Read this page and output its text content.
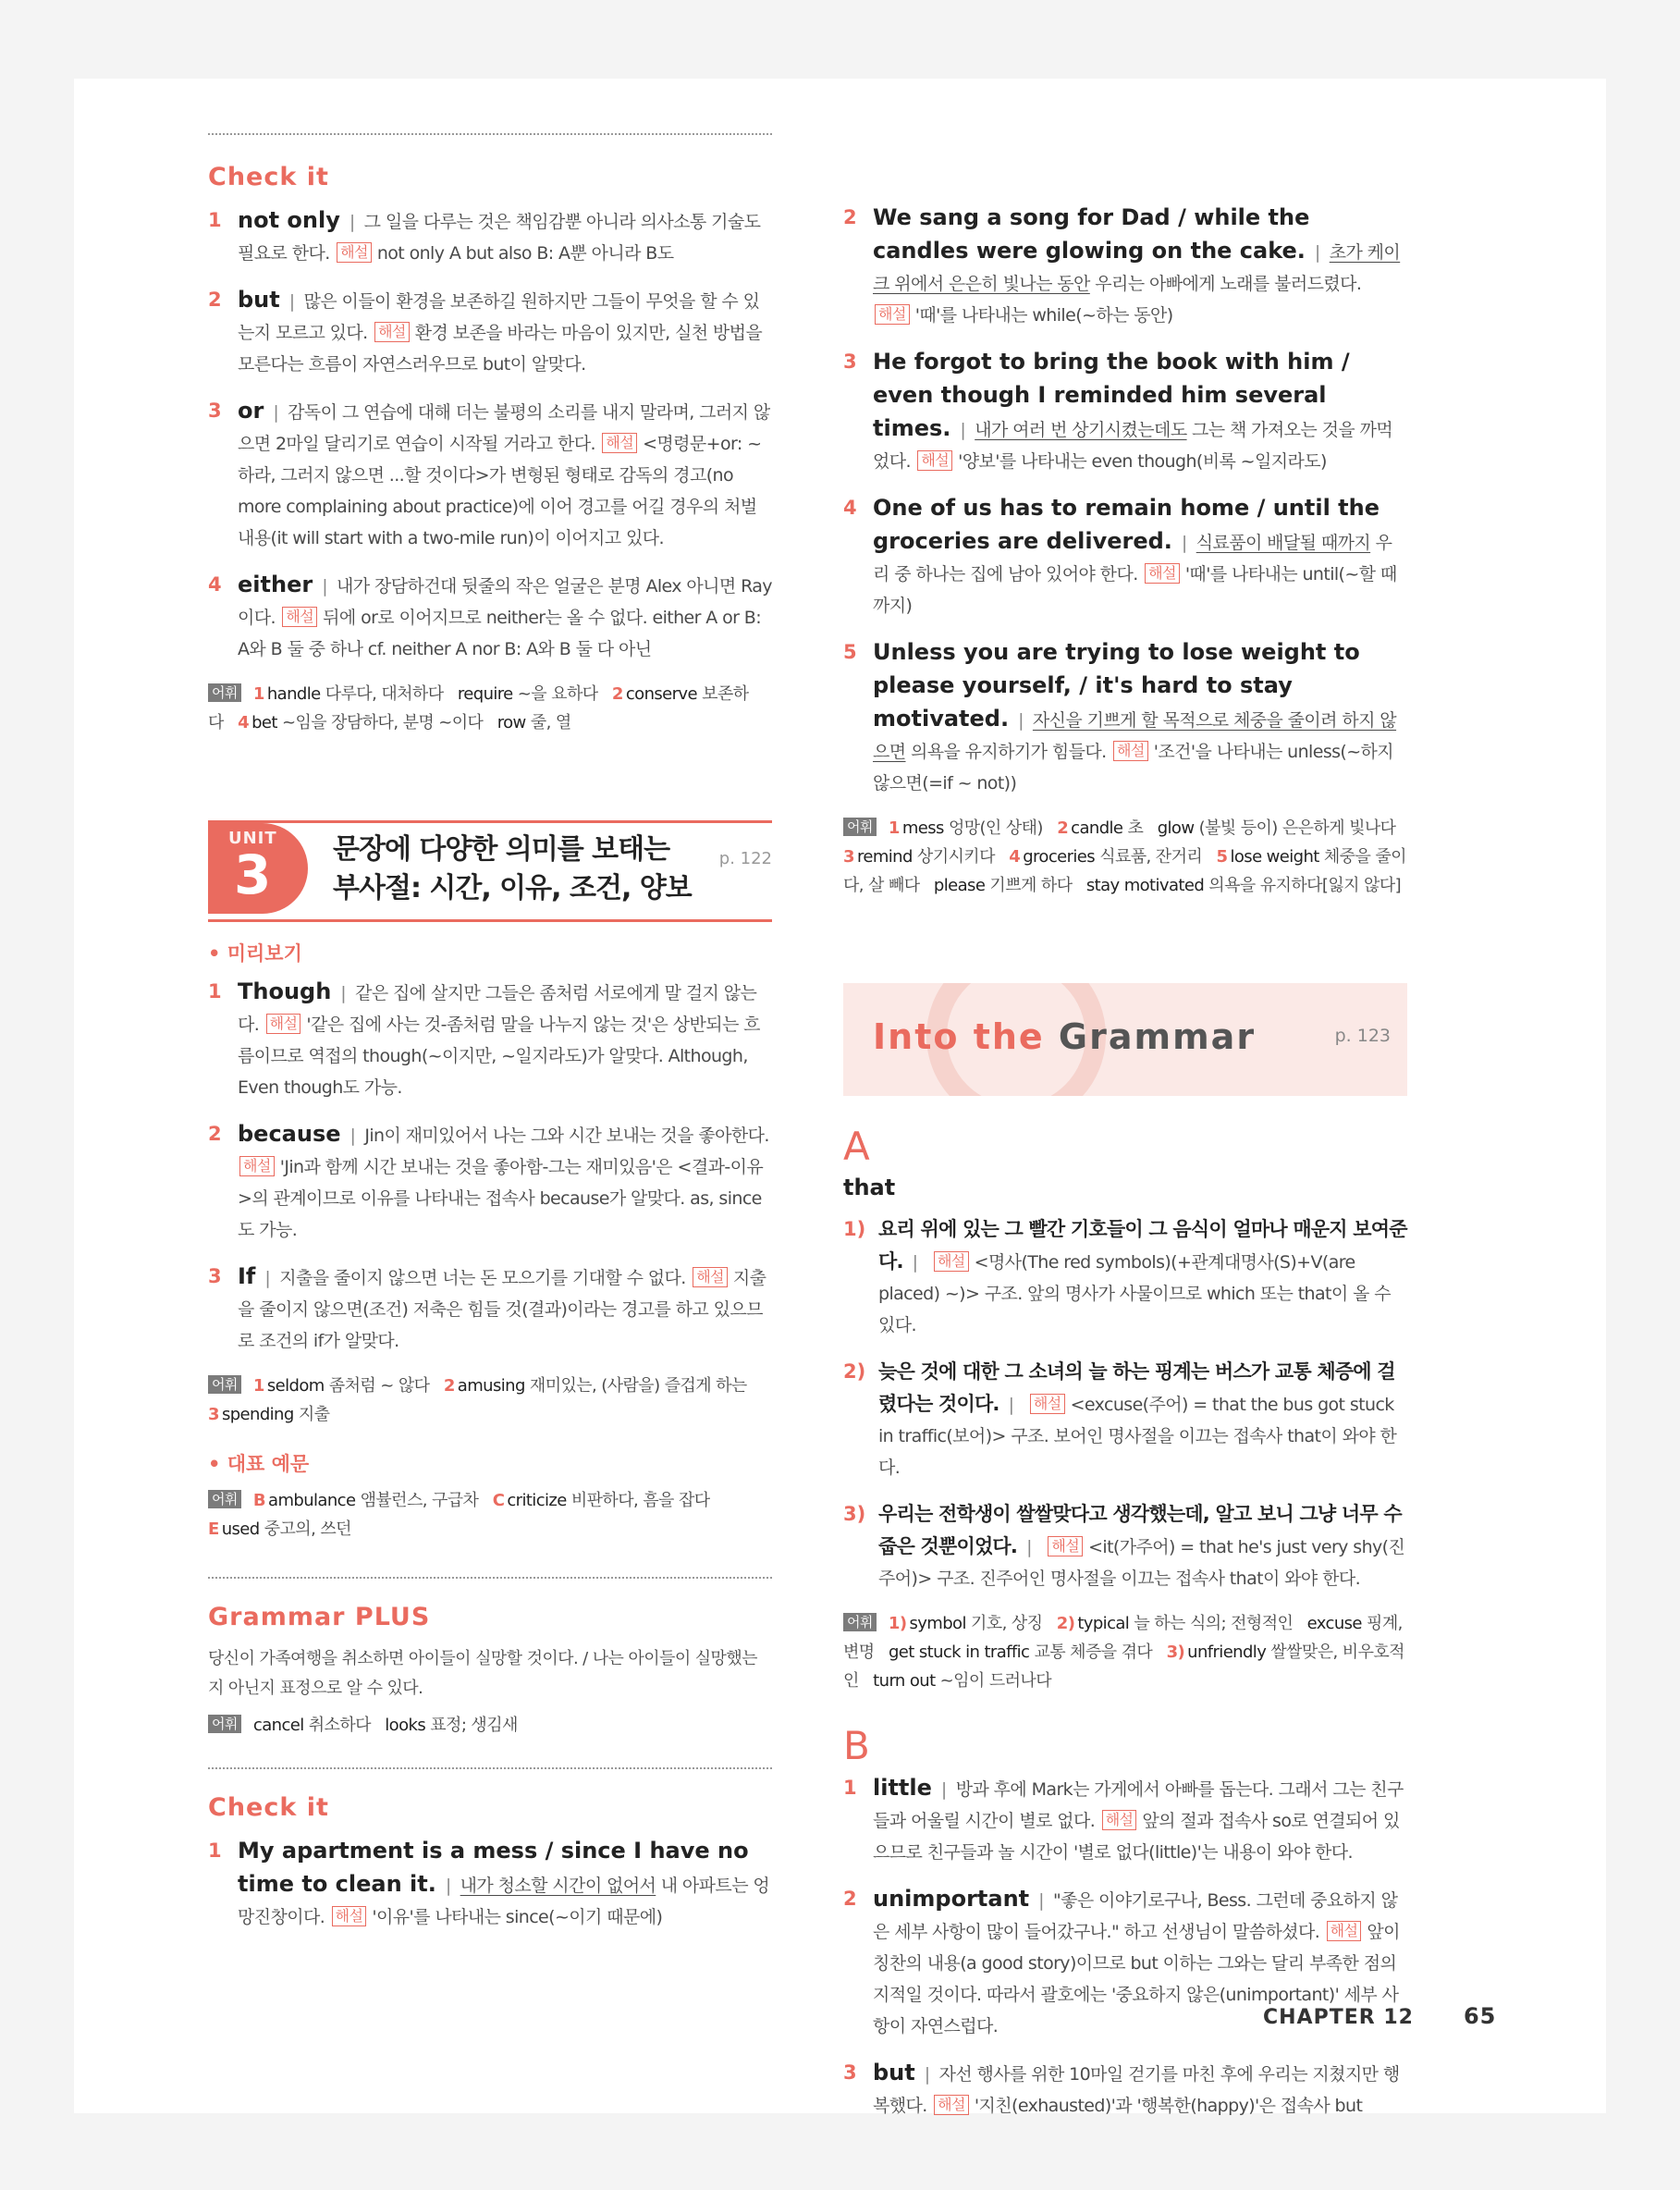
Check it
1 not only | 그 일을 다루는 것은 책임감뿐 아니라 의사소통 기술도 필요로 한다. 해설 not only A but also B: A뿐 아니라 B도
2 but | 많은 이들이 환경을 보존하길 원하지만 그들이 무엇을 할 수 있는지 모르고 있다. 해설 환경 보존을 바라는 마음이 있지만, 실천 방법을 모른다는 흐름이 자연스러우므로 but이 알맞다.
3 or | 감독이 그 연습에 대해 더는 불평의 소리를 내지 말라며, 그러지 않으면 2마일 달리기로 연습이 시작될 거라고 한다. 해설 <명령문+or: ~하라, 그러지 않으면 ...할 것이다>가 변형된 형태로 감독의 경고(no more complaining about practice)에 이어 경고를 어길 경우의 처벌 내용(it will start with a two-mile run)이 이어지고 있다.
4 either | 내가 장담하건대 뒷줄의 작은 얼굴은 분명 Alex 아니면 Ray이다. 해설 뒤에 or로 이어지므로 neither는 올 수 없다. either A or B: A와 B 둘 중 하나 cf. neither A nor B: A와 B 둘 다 아닌
어휘 1 handle 다루다, 대처하다 require ~을 요하다 2 conserve 보존하다 4 bet ~임을 장담하다, 분명 ~이다 row 줄, 열
UNIT
3 문장에 다양한 의미를 보태는
부사절: 시간, 이유, 조건, 양보
p. 122
• 미리보기
1 Though | 같은 집에 살지만 그들은 좀처럼 서로에게 말 걸지 않는다. 해설 '같은 집에 사는 것-좀처럼 말을 나누지 않는 것'은 상반되는 흐름이므로 역접의 though(~이지만, ~일지라도)가 알맞다. Although, Even though도 가능.
2 because | Jin이 재미있어서 나는 그와 시간 보내는 것을 좋아한다. 해설 'Jin과 함께 시간 보내는 것을 좋아함-그는 재미있음'은 <결과-이유>의 관계이므로 이유를 나타내는 접속사 because가 알맞다. as, since도 가능.
3 If | 지출을 줄이지 않으면 너는 돈 모으기를 기대할 수 없다. 해설 지출을 줄이지 않으면(조건) 저축은 힘들 것(결과)이라는 경고를 하고 있으므로 조건의 if가 알맞다.
어휘 1 seldom 좀처럼 ~ 않다 2 amusing 재미있는, (사람을) 즐겁게 하는   3 spending 지출
• 대표 예문
어휘 B ambulance 앰뷸런스, 구급차 C criticize 비판하다, 흠을 잡다   E used 중고의, 쓰던
Grammar PLUS
당신이 가족여행을 취소하면 아이들이 실망할 것이다. / 나는 아이들이 실망했는지 아닌지 표정으로 알 수 있다.
어휘 cancel 취소하다 looks 표정; 생김새
Check it
1 My apartment is a mess / since I have no time to clean it. | 내가 청소할 시간이 없어서 내 아파트는 엉망진창이다. 해설 '이유'를 나타내는 since(~이기 때문에)
2 We sang a song for Dad / while the candles were glowing on the cake. | 초가 케이크 위에서 은은히 빛나는 동안 우리는 아빠에게 노래를 불러드렸다. 해설 '때'를 나타내는 while(~하는 동안)
3 He forgot to bring the book with him / even though I reminded him several times. | 내가 여러 번 상기시켰는데도 그는 책 가져오는 것을 까먹었다. 해설 '양보'를 나타내는 even though(비록 ~일지라도)
4 One of us has to remain home / until the groceries are delivered. | 식료품이 배달될 때까지 우리 중 하나는 집에 남아 있어야 한다. 해설 '때'를 나타내는 until(~할 때까지)
5 Unless you are trying to lose weight to please yourself, / it's hard to stay motivated. | 자신을 기쁘게 할 목적으로 체중을 줄이려 하지 않으면 의욕을 유지하기가 힘들다. 해설 '조건'을 나타내는 unless(~하지 않으면(=if ~ not))
어휘 1 mess 엉망(인 상태) 2 candle 초 glow (불빛 등이) 은은하게 빛나다   3 remind 상기시키다 4 groceries 식료품, 잔거리 5 lose weight 체중을 줄이다, 살 빼다 please 기쁘게 하다 stay motivated 의욕을 유지하다[잃지 않다]
Into the Grammar	p. 123
A
that
1) 요리 위에 있는 그 빨간 기호들이 그 음식이 얼마나 매운지 보여준다. | 해설 <명사(The red symbols)(+관계대명사(S)+V(are placed) ~)> 구조. 앞의 명사가 사물이므로 which 또는 that이 올 수 있다.
2) 늦은 것에 대한 그 소녀의 늘 하는 핑계는 버스가 교통 체증에 걸렸다는 것이다. | 해설 <excuse(주어) = that the bus got stuck in traffic(보어)> 구조. 보어인 명사절을 이끄는 접속사 that이 와야 한다.
3) 우리는 전학생이 쌀쌀맞다고 생각했는데, 알고 보니 그냥 너무 수줍은 것뿐이었다. | 해설 <it(가주어) = that he's just very shy(진주어)> 구조. 진주어인 명사절을 이끄는 접속사 that이 와야 한다.
어휘 1) symbol 기호, 상징 2) typical 늘 하는 식의; 전형적인 excuse 핑계, 변명 get stuck in traffic 교통 체증을 겪다 3) unfriendly 쌀쌀맞은, 비우호적인 turn out ~임이 드러나다
B
1 little | 방과 후에 Mark는 가게에서 아빠를 돕는다. 그래서 그는 친구들과 어울릴 시간이 별로 없다. 해설 앞의 절과 접속사 so로 연결되어 있으므로 친구들과 놀 시간이 '별로 없다(little)'는 내용이 와야 한다.
2 unimportant | "좋은 이야기로구나, Bess. 그런데 중요하지 않은 세부 사항이 많이 들어갔구나." 하고 선생님이 말씀하셨다. 해설 앞이 칭찬의 내용(a good story)이므로 but 이하는 그와는 달리 부족한 점의 지적일 것이다. 따라서 괄호에는 '중요하지 않은(unimportant)' 세부 사항이 자연스럽다.
3 but | 자선 행사를 위한 10마일 걷기를 마친 후에 우리는 지쳤지만 행복했다. 해설 '지친(exhausted)'과 '행복한(happy)'은 접속사 but
CHAPTER 12 65
